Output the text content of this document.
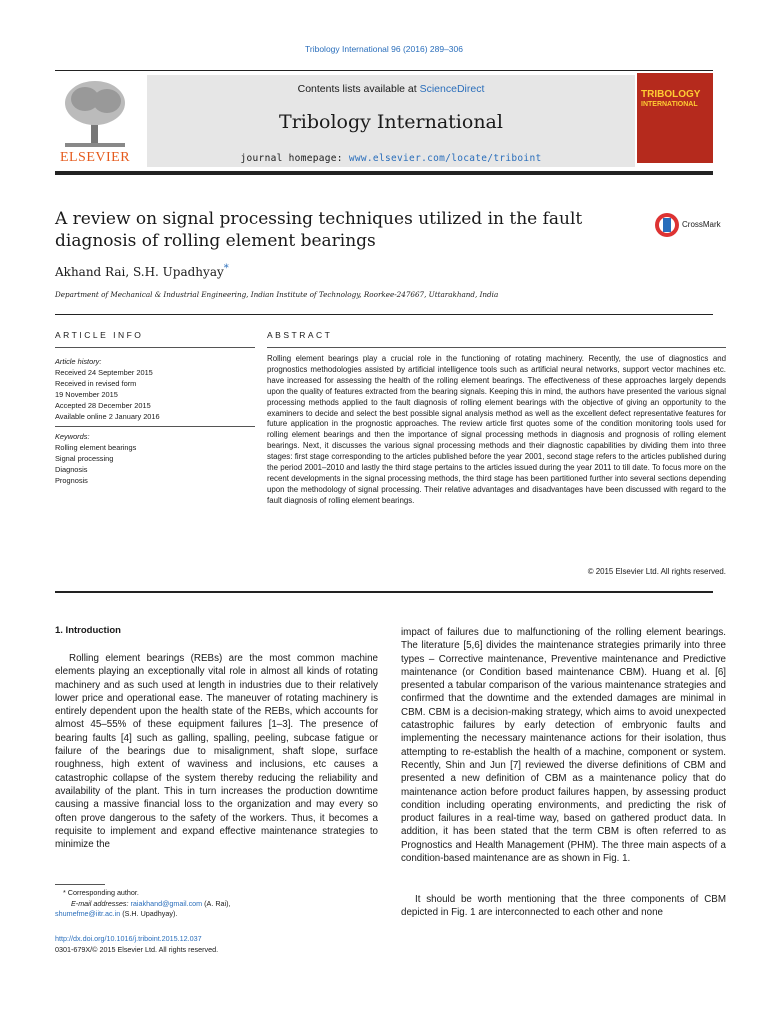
Tribology International 96 (2016) 289–306
ELSEVIER
Contents lists available at ScienceDirect
Tribology International
journal homepage: www.elsevier.com/locate/triboint
TRIBOLOGY
INTERNATIONAL
A review on signal processing techniques utilized in the fault diagnosis of rolling element bearings
CrossMark
Akhand Rai, S.H. Upadhyay*
Department of Mechanical & Industrial Engineering, Indian Institute of Technology, Roorkee-247667, Uttarakhand, India
ARTICLE INFO	ABSTRACT
Article history:
Received 24 September 2015
Received in revised form
19 November 2015
Accepted 28 December 2015
Available online 2 January 2016
Keywords:
Rolling element bearings
Signal processing
Diagnosis
Prognosis
Rolling element bearings play a crucial role in the functioning of rotating machinery. Recently, the use of diagnostics and prognostics methodologies assisted by artificial intelligence tools such as artificial neural networks, support vector machines etc. have increased for assessing the health of the rolling element bearings. The effectiveness of these approaches largely depends upon the quality of features extracted from the bearing signals. Keeping this in mind, the authors have presented the various signal processing methods applied to the fault diagnosis of rolling element bearings with the objective of giving an opportunity to the examiners to decide and select the best possible signal analysis method as well as the excellent defect representative features for future application in the prognostic approaches. The review article first quotes some of the condition monitoring tools used for rolling element bearings and then the importance of signal processing methods in diagnosis and prognosis of rolling element bearings. Next, it discusses the various signal processing methods and their diagnostic capabilities by dividing them into three stages: first stage corresponding to the articles published before the year 2001, second stage refers to the articles published during the period 2001–2010 and lastly the third stage pertains to the articles issued during the year 2011 to till date. To focus more on the recent developments in the signal processing methods, the third stage has been partitioned further into several sections depending upon the methodology of signal processing. Their relative advantages and disadvantages have been discussed with regard to the fault diagnosis of rolling element bearings.
© 2015 Elsevier Ltd. All rights reserved.
1. Introduction
Rolling element bearings (REBs) are the most common machine elements playing an exceptionally vital role in almost all kinds of rotating machinery and as such used at length in industries due to their relatively lower price and operational ease. The maneuver of rotating machinery is entirely dependent upon the health state of the REBs, which accounts for almost 45–55% of these equipment failures [1–3]. The presence of bearing faults [4] such as galling, spalling, peeling, subcase fatigue or failure of the bearings due to misalignment, shaft slope, surface roughness, high extent of waviness and inclusions, etc causes a catastrophic collapse of the system thereby reducing the reliability and availability of the plant. This in turn increases the production downtime causing a massive financial loss to the organization and may every so often prove dangerous to the safety of the workers. Thus, it becomes a requisite to implement and expand effective maintenance strategies to minimize the
impact of failures due to malfunctioning of the rolling element bearings. The literature [5,6] divides the maintenance strategies primarily into three types – Corrective maintenance, Preventive maintenance and Predictive maintenance (or Condition based maintenance CBM). Huang et al. [6] presented a tabular comparison of the various maintenance strategies and confirmed that the downtime and the extended damages are minimal in CBM. CBM is a decision-making strategy, which aims to avoid unexpected catastrophic failures by early detection of embryonic faults and implementing the necessary maintenance actions for their isolation, thus attempting to re-establish the health of a machine, component or system. Recently, Shin and Jun [7] reviewed the diverse definitions of CBM and presented a new definition of CBM as a maintenance policy that do maintenance action before product failures happen, by assessing product condition including operating environments, and predicting the risk of product failures in a real-time way, based on gathered product data. In addition, it has been stated that the term CBM is often referred to as Prognostics and Health Management (PHM). The three main aspects of a condition-based maintenance are as shown in Fig. 1.
It should be worth mentioning that the three components of CBM depicted in Fig. 1 are interconnected to each other and none
* Corresponding author.
E-mail addresses: raiakhand@gmail.com (A. Rai),
shumefme@iitr.ac.in (S.H. Upadhyay).
http://dx.doi.org/10.1016/j.triboint.2015.12.037
0301-679X/© 2015 Elsevier Ltd. All rights reserved.
